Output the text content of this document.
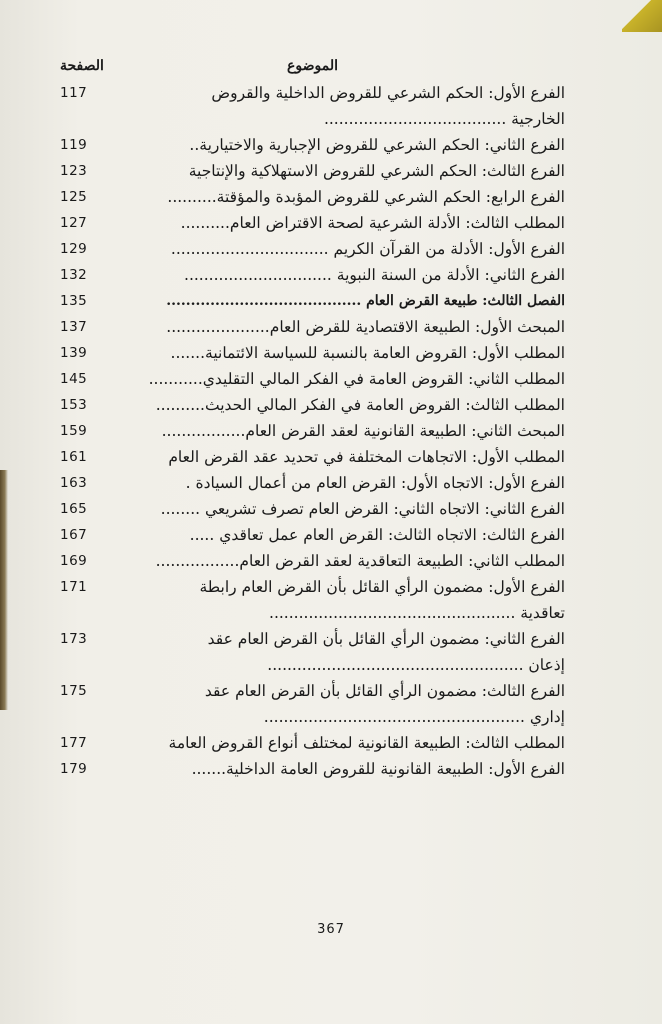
الموضوع
الصفحة
117	الفرع الأول: الحكم الشرعي للقروض الداخلية والقروض
الخارجية .....................................
119	الفرع الثاني: الحكم الشرعي للقروض الإجبارية والاختيارية..
123	الفرع الثالث: الحكم الشرعي للقروض الاستهلاكية والإنتاجية
125	الفرع الرابع: الحكم الشرعي للقروض المؤبدة والمؤقتة..........
127	المطلب الثالث: الأدلة الشرعية لصحة الاقتراض العام..........
129	الفرع الأول: الأدلة من القرآن الكريم ................................
132	الفرع الثاني: الأدلة من السنة النبوية ..............................
135	الفصل الثالث: طبيعة القرض العام ........................................
137	المبحث الأول: الطبيعة الاقتصادية للقرض العام.....................
139	المطلب الأول: القروض العامة بالنسبة للسياسة الائتمانية.......
145	المطلب الثاني: القروض العامة في الفكر المالي التقليدي...........
153	المطلب الثالث: القروض العامة في الفكر المالي الحديث..........
159	المبحث الثاني: الطبيعة القانونية لعقد القرض العام.................
161	المطلب الأول: الاتجاهات المختلفة في تحديد عقد القرض العام
163	الفرع الأول: الاتجاه الأول: القرض العام من أعمال السيادة .
165	الفرع الثاني: الاتجاه الثاني: القرض العام تصرف تشريعي ........
167	الفرع الثالث: الاتجاه الثالث: القرض العام عمل تعاقدي .....
169	المطلب الثاني: الطبيعة التعاقدية لعقد القرض العام.................
171	الفرع الأول: مضمون الرأي القائل بأن القرض العام رابطة
تعاقدية ..................................................
173	الفرع الثاني: مضمون الرأي القائل بأن القرض العام عقد
إذعان ....................................................
175	الفرع الثالث: مضمون الرأي القائل بأن القرض العام عقد
إداري .....................................................
177	المطلب الثالث: الطبيعة القانونية لمختلف أنواع القروض العامة
179	الفرع الأول: الطبيعة القانونية للقروض العامة الداخلية.......
367
